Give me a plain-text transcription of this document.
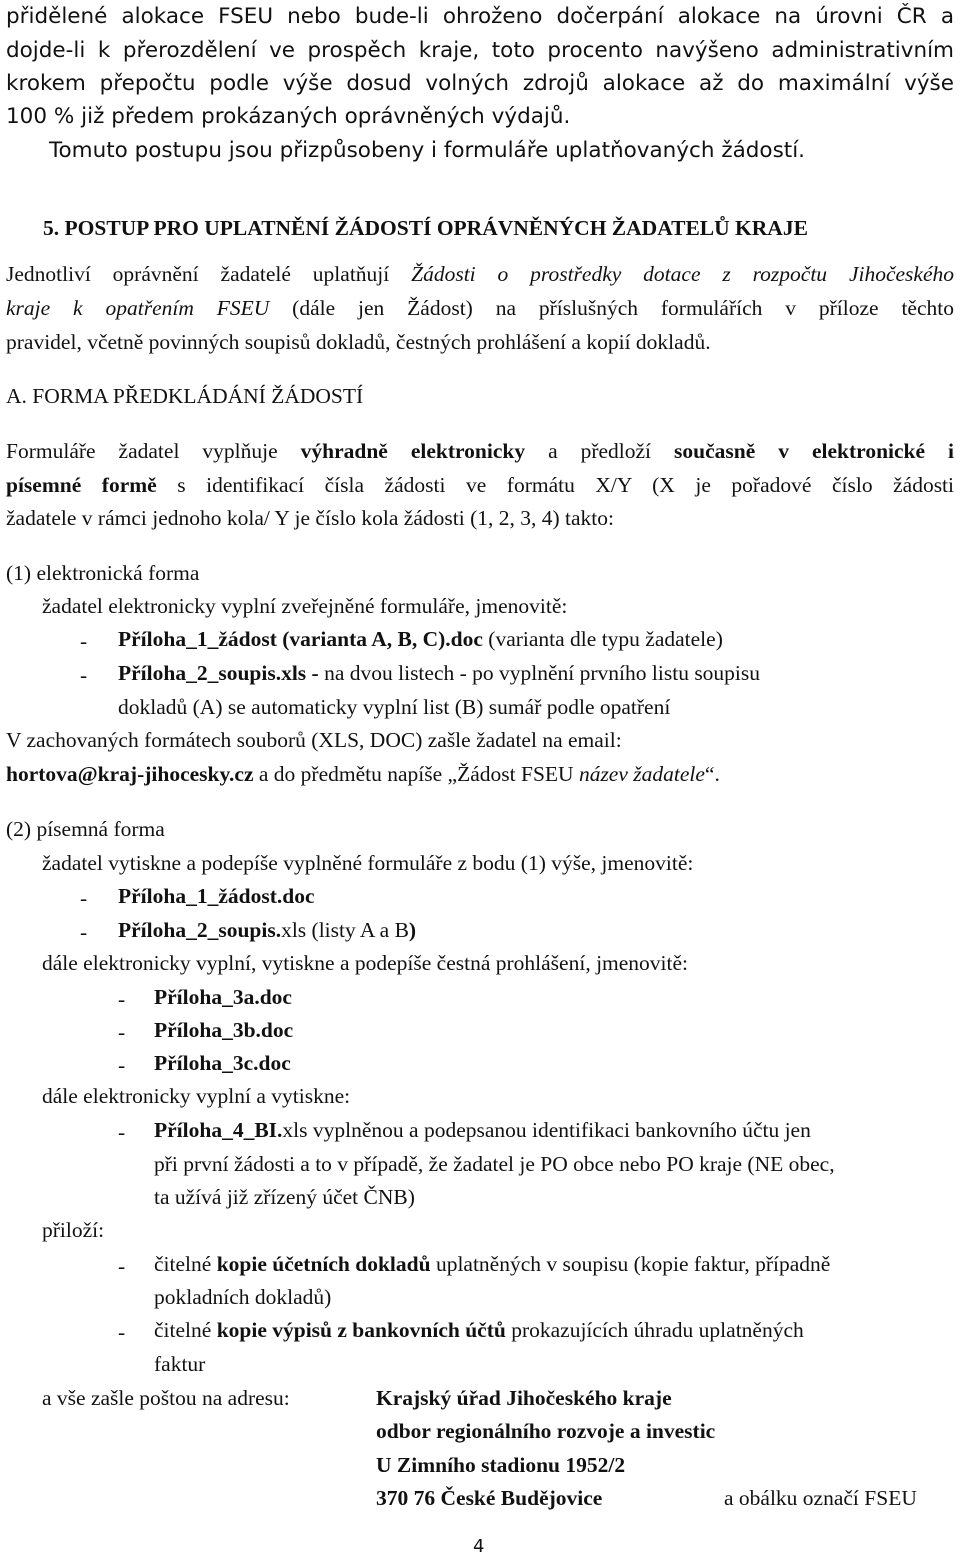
přidělené alokace FSEU nebo bude-li ohroženo dočerpání alokace na úrovni ČR a
dojde-li k přerozdělení ve prospěch kraje, toto procento navýšeno administrativním
krokem přepočtu podle výše dosud volných zdrojů alokace až do maximální výše
100 % již předem prokázaných oprávněných výdajů.
Tomuto postupu jsou přizpůsobeny i formuláře uplatňovaných žádostí.
5. POSTUP PRO UPLATNĚNÍ ŽÁDOSTÍ OPRÁVNĚNÝCH ŽADATELŮ KRAJE
Jednotliví oprávnění žadatelé uplatňují Žádosti o prostředky dotace z rozpočtu Jihočeského
kraje k opatřením FSEU (dále jen Žádost) na příslušných formulářích v příloze těchto
pravidel, včetně povinných soupisů dokladů, čestných prohlášení a kopií dokladů.
A. FORMA PŘEDKLÁDÁNÍ ŽÁDOSTÍ
Formuláře žadatel vyplňuje výhradně elektronicky a předloží současně v elektronické i
písemné formě s identifikací čísla žádosti ve formátu X/Y (X je pořadové číslo žádosti
žadatele v rámci jednoho kola/ Y je číslo kola žádosti (1, 2, 3, 4) takto:
(1) elektronická forma
žadatel elektronicky vyplní zveřejněné formuláře, jmenovitě:
- Příloha_1_žádost (varianta A, B, C).doc (varianta dle typu žadatele)
- Příloha_2_soupis.xls - na dvou listech - po vyplnění prvního listu soupisu
dokladů (A) se automaticky vyplní list (B) sumář podle opatření
V zachovaných formátech souborů (XLS, DOC) zašle žadatel na email:
hortova@kraj-jihocesky.cz a do předmětu napíše „Žádost FSEU název žadatele“.
(2) písemná forma
žadatel vytiskne a podepíše vyplněné formuláře z bodu (1) výše, jmenovitě:
- Příloha_1_žádost.doc
- Příloha_2_soupis.xls (listy A a B)
dále elektronicky vyplní, vytiskne a podepíše čestná prohlášení, jmenovitě:
- Příloha_3a.doc
- Příloha_3b.doc
- Příloha_3c.doc
dále elektronicky vyplní a vytiskne:
- Příloha_4_BI.xls vyplněnou a podepsanou identifikaci bankovního účtu jen
při první žádosti a to v případě, že žadatel je PO obce nebo PO kraje (NE obec,
ta užívá již zřízený účet ČNB)
přiloží:
- čitelné kopie účetních dokladů uplatněných v soupisu (kopie faktur, případně
pokladních dokladů)
- čitelné kopie výpisů z bankovních účtů prokazujících úhradu uplatněných
faktur
a vše zašle poštou na adresu:	Krajský úřad Jihočeského kraje
odbor regionálního rozvoje a investic
U Zimního stadionu 1952/2
370 76 České Budějovice	a obálku označí FSEU
4
